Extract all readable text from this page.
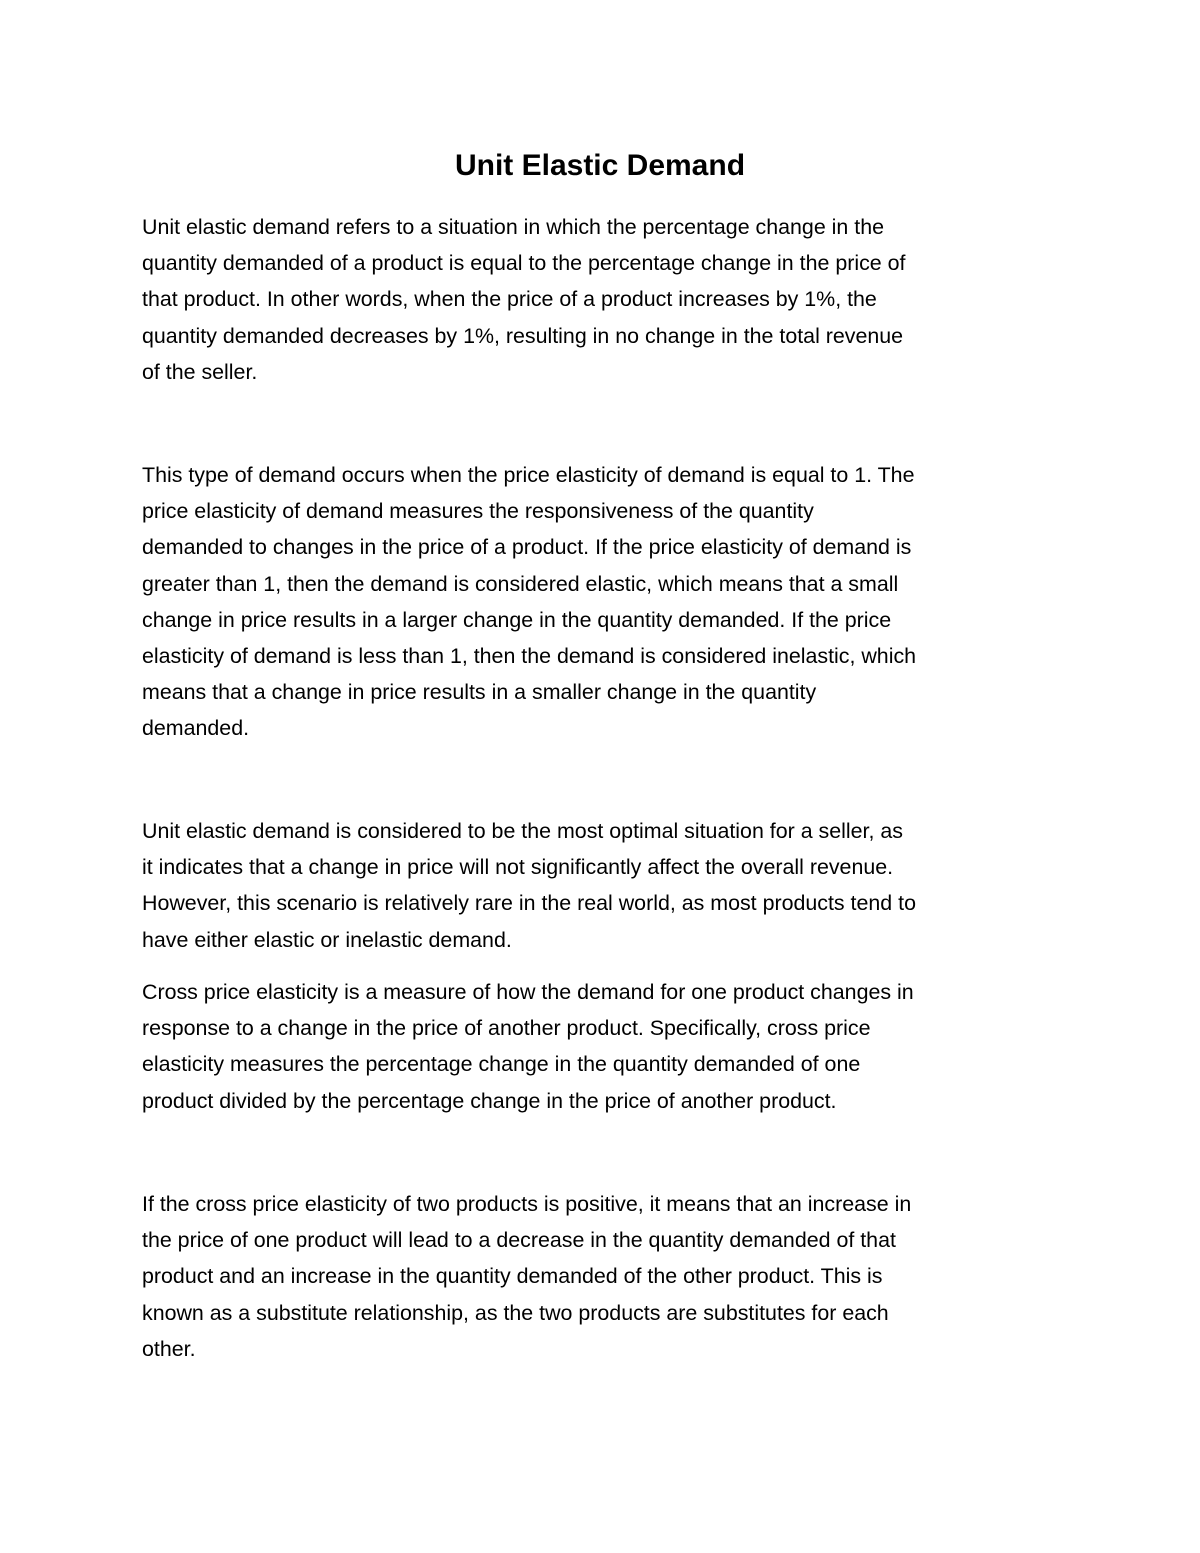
Unit Elastic Demand
Unit elastic demand refers to a situation in which the percentage change in the
quantity demanded of a product is equal to the percentage change in the price of
that product. In other words, when the price of a product increases by 1%, the
quantity demanded decreases by 1%, resulting in no change in the total revenue
of the seller.
This type of demand occurs when the price elasticity of demand is equal to 1. The
price elasticity of demand measures the responsiveness of the quantity
demanded to changes in the price of a product. If the price elasticity of demand is
greater than 1, then the demand is considered elastic, which means that a small
change in price results in a larger change in the quantity demanded. If the price
elasticity of demand is less than 1, then the demand is considered inelastic, which
means that a change in price results in a smaller change in the quantity
demanded.
Unit elastic demand is considered to be the most optimal situation for a seller, as
it indicates that a change in price will not significantly affect the overall revenue.
However, this scenario is relatively rare in the real world, as most products tend to
have either elastic or inelastic demand.
Cross price elasticity is a measure of how the demand for one product changes in
response to a change in the price of another product. Specifically, cross price
elasticity measures the percentage change in the quantity demanded of one
product divided by the percentage change in the price of another product.
If the cross price elasticity of two products is positive, it means that an increase in
the price of one product will lead to a decrease in the quantity demanded of that
product and an increase in the quantity demanded of the other product. This is
known as a substitute relationship, as the two products are substitutes for each
other.
